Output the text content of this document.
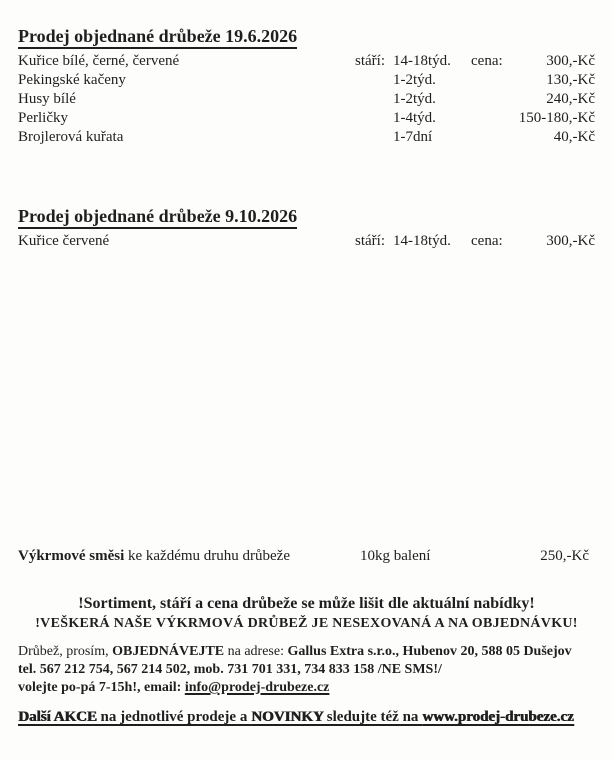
Prodej objednané drůbeže 19.6.2026
Kuřice bílé, černé, červené	stáří: 14-18týd.	cena:	300,-Kč
Pekingské kačeny	1-2týd.	130,-Kč
Husy bílé	1-2týd.	240,-Kč
Perličky	1-4týd.	150-180,-Kč
Brojlerová kuřata	1-7dní	40,-Kč
Prodej objednané drůbeže 9.10.2026
Kuřice červené	stáří: 14-18týd.	cena:	300,-Kč
Výkrmové směsi ke každému druhu drůbeže	10kg balení	250,-Kč

!Sortiment, stáří a cena drůbeže se může lišit dle aktuální nabídky!

!VEŠKERÁ NAŠE VÝKRMOVÁ DRŮBEŽ JE NESEXOVANÁ A NA OBJEDNÁVKU!

Drůbež, prosím, OBJEDNÁVEJTE na adrese: Gallus Extra s.r.o., Hubenov 20, 588 05 Dušejov

tel. 567 212 754, 567 214 502, mob. 731 701 331, 734 833 158 /NE SMS!/

volejte po-pá 7-15h!, email: info@prodej-drubeze.cz

Další AKCE na jednotlivé prodeje a NOVINKY sledujte též na www.prodej-drubeze.cz
